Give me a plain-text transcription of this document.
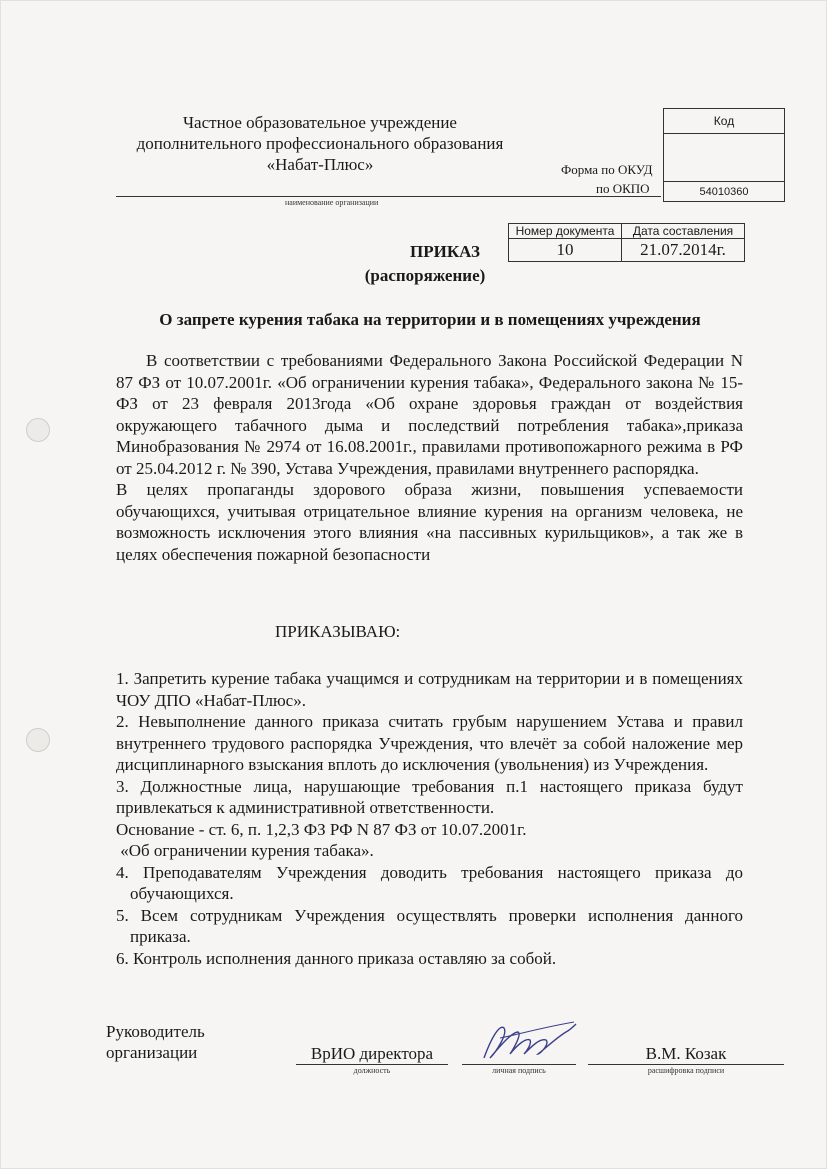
Частное образовательное учреждение
дополнительного профессионального образования
«Набат-Плюс»
наименование организации
Форма по ОКУД
по ОКПО
Код

54010360
Номер документа	Дата составления
10	21.07.2014г.
ПРИКАЗ
(распоряжение)
О запрете курения табака на территории и в помещениях учреждения

В соответствии с требованиями Федерального Закона Российской Федерации N 87 ФЗ от 10.07.2001г. «Об ограничении курения табака», Федерального закона № 15-ФЗ от 23 февраля 2013года «Об охране здоровья граждан от воздействия окружающего табачного дыма и последствий потребления табака»,приказа Минобразования № 2974 от 16.08.2001г., правилами противопожарного режима в РФ от 25.04.2012 г. № 390, Устава Учреждения, правилами внутреннего распорядка.

В целях пропаганды здорового образа жизни, повышения успеваемости обучающихся, учитывая отрицательное влияние курения на организм человека, не возможность исключения этого влияния «на пассивных курильщиков», а так же в целях обеспечения пожарной безопасности

ПРИКАЗЫВАЮ:

1. Запретить курение табака учащимся и сотрудникам на территории и в помещениях ЧОУ ДПО «Набат-Плюс».

2. Невыполнение данного приказа считать грубым нарушением Устава и правил внутреннего трудового распорядка Учреждения, что влечёт за собой наложение мер дисциплинарного взыскания вплоть до исключения (увольнения) из Учреждения.

3. Должностные лица, нарушающие требования п.1 настоящего приказа будут привлекаться к административной ответственности.

Основание - ст. 6, п. 1,2,3 ФЗ РФ N 87 ФЗ от 10.07.2001г.

«Об ограничении курения табака».

4. Преподавателям Учреждения доводить требования настоящего приказа до обучающихся.

5. Всем сотрудникам Учреждения осуществлять проверки исполнения данного приказа.

6. Контроль исполнения данного приказа оставляю за собой.

Руководитель
организации	ВрИО директора
должность	личная подпись
В.М. Козак
расшифровка подписи
